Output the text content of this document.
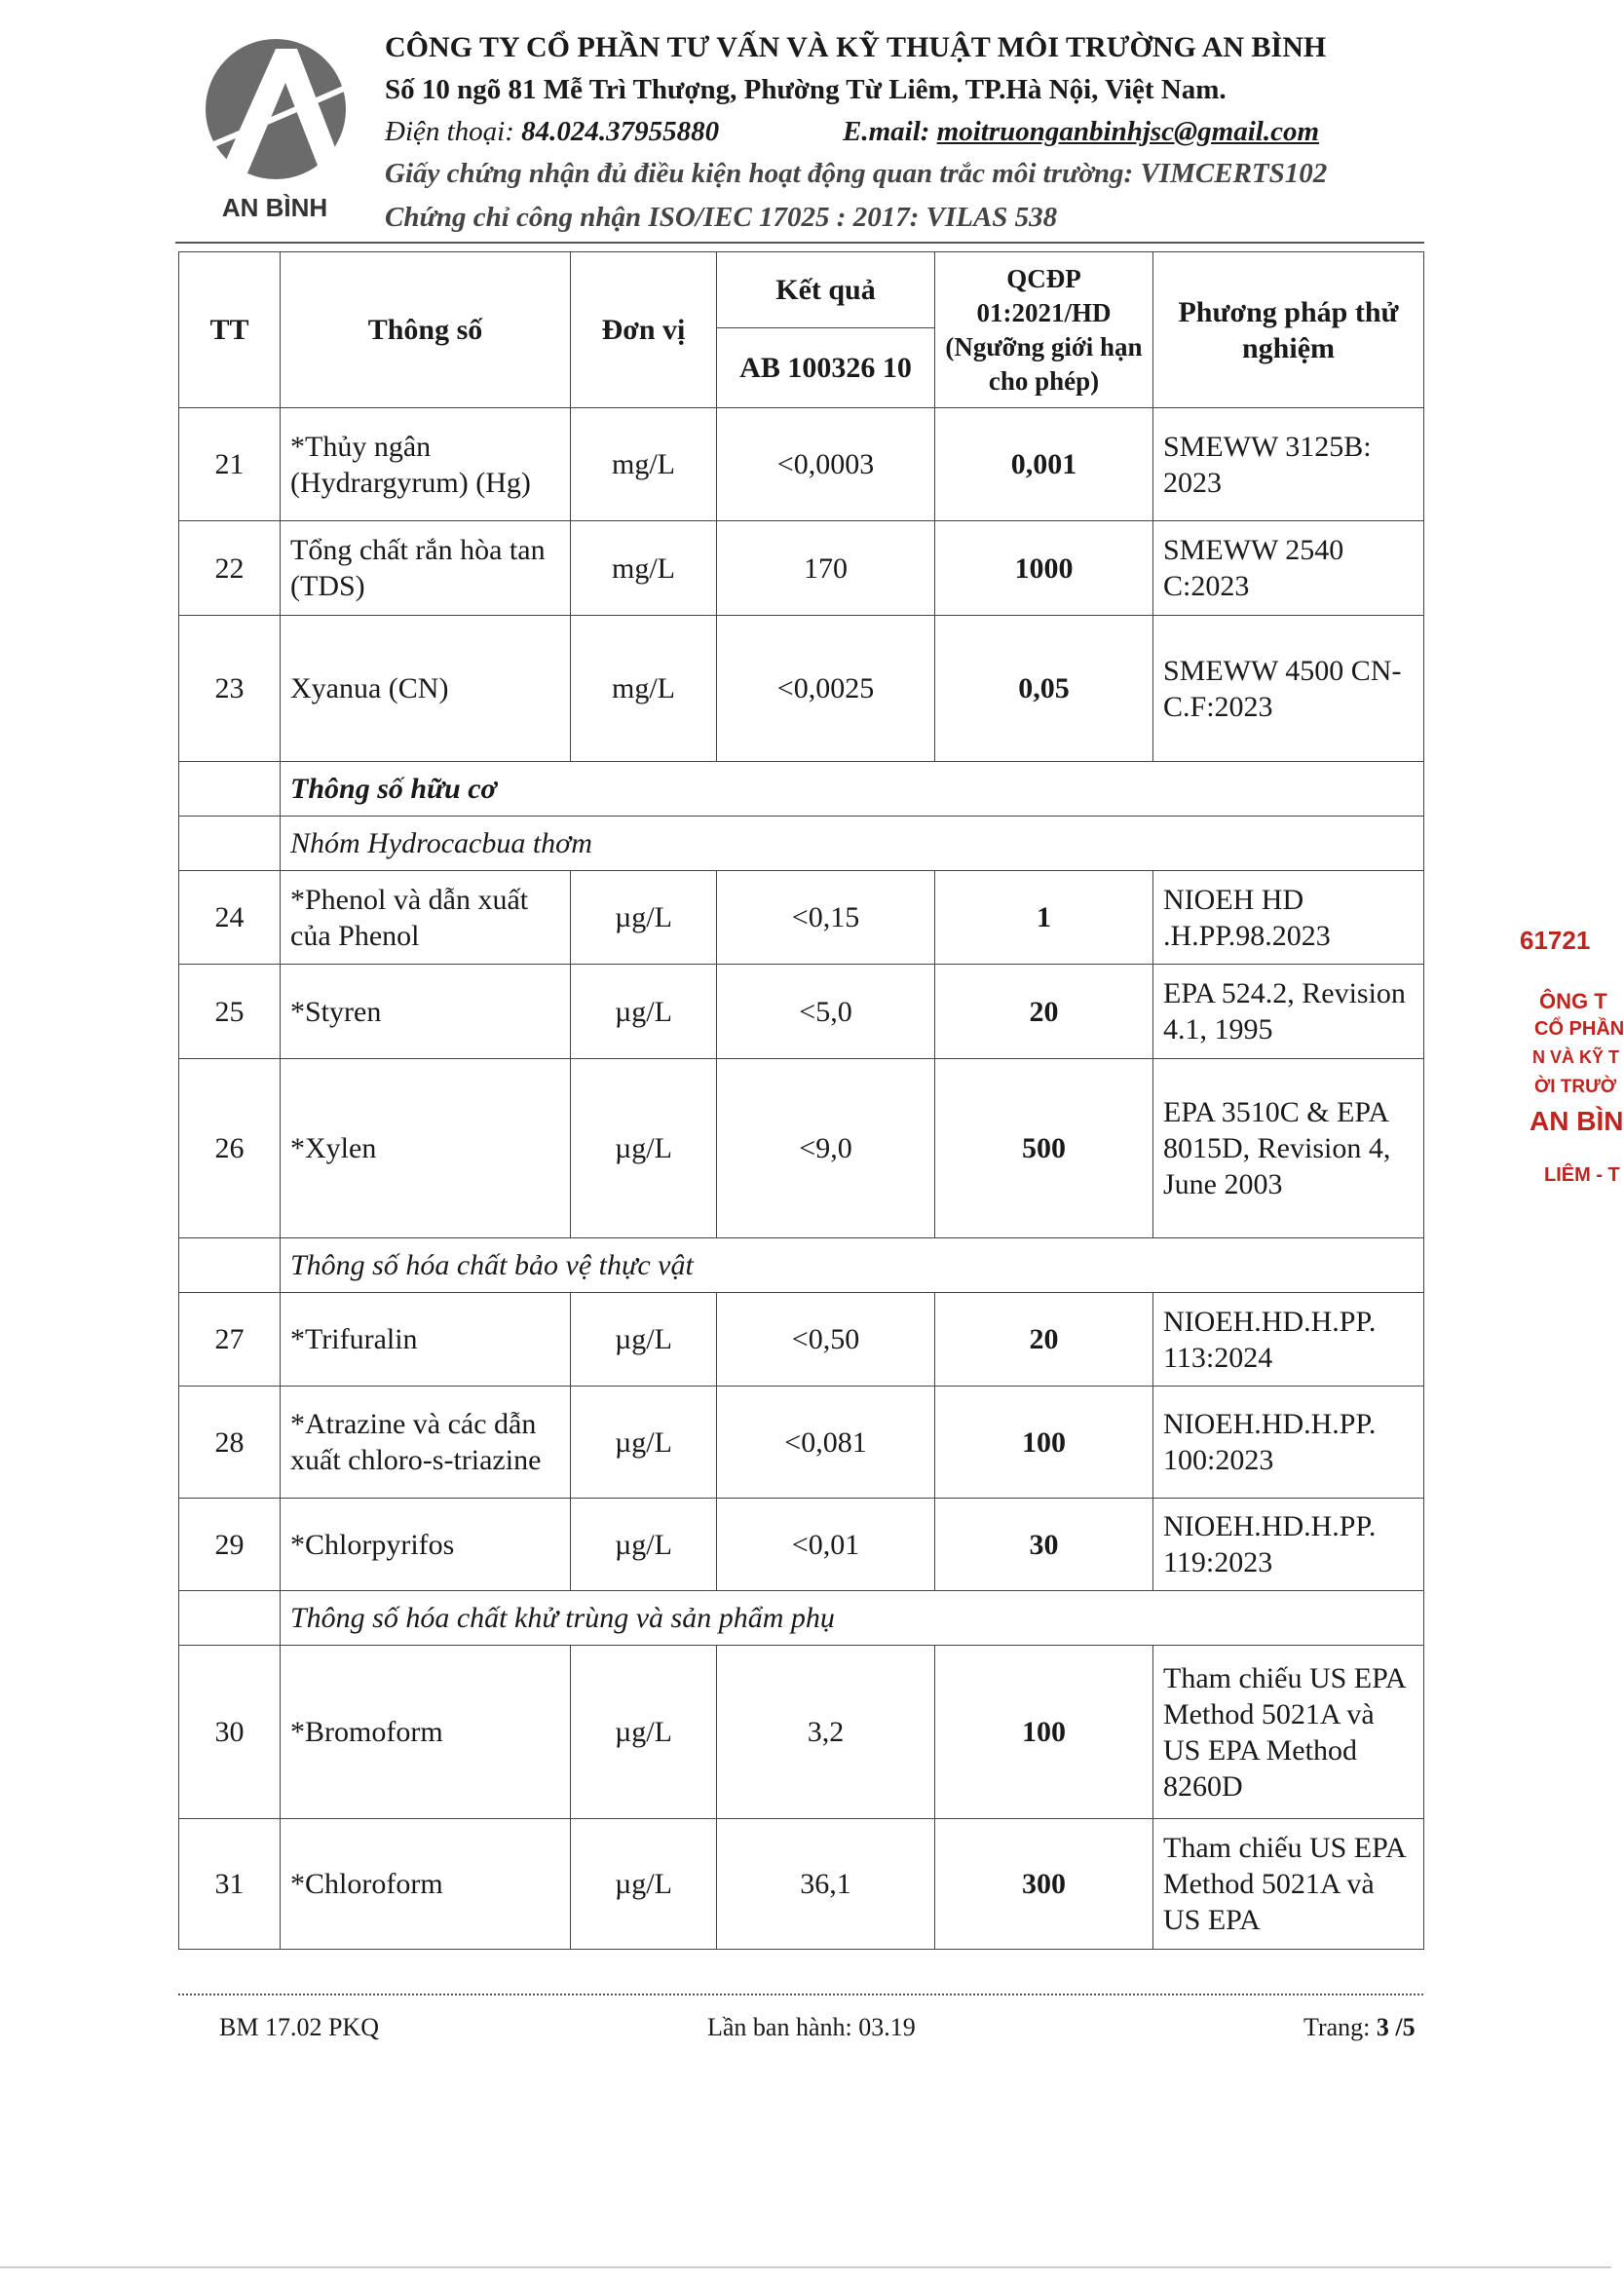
AN BÌNH
CÔNG TY CỔ PHẦN TƯ VẤN VÀ KỸ THUẬT MÔI TRƯỜNG AN BÌNH
Số 10 ngõ 81 Mễ Trì Thượng, Phường Từ Liêm, TP.Hà Nội, Việt Nam.
Điện thoại: 84.024.37955880	E.mail: moitruonganbinhjsc@gmail.com
Giấy chứng nhận đủ điều kiện hoạt động quan trắc môi trường: VIMCERTS102
Chứng chỉ công nhận ISO/IEC 17025 : 2017: VILAS 538
TT	Thông số	Đơn vị	Kết quả	QCĐP 01:2021/HD (Ngưỡng giới hạn cho phép)	Phương pháp thử nghiệm
			AB 100326 10		
21	*Thủy ngân (Hydrargyrum) (Hg)	mg/L	<0,0003	0,001	SMEWW 3125B: 2023
22	Tổng chất rắn hòa tan (TDS)	mg/L	170	1000	SMEWW 2540 C:2023
23	Xyanua (CN)	mg/L	<0,0025	0,05	SMEWW 4500 CN- C.F:2023
	Thông số hữu cơ				
	Nhóm Hydrocacbua thơm				
24	*Phenol và dẫn xuất của Phenol	µg/L	<0,15	1	NIOEH HD .H.PP.98.2023
25	*Styren	µg/L	<5,0	20	EPA 524.2, Revision 4.1, 1995
26	*Xylen	µg/L	<9,0	500	EPA 3510C & EPA 8015D, Revision 4, June 2003
	Thông số hóa chất bảo vệ thực vật				
27	*Trifuralin	µg/L	<0,50	20	NIOEH.HD.H.PP. 113:2024
28	*Atrazine và các dẫn xuất chloro-s-triazine	µg/L	<0,081	100	NIOEH.HD.H.PP. 100:2023
29	*Chlorpyrifos	µg/L	<0,01	30	NIOEH.HD.H.PP. 119:2023
	Thông số hóa chất khử trùng và sản phẩm phụ				
30	*Bromoform	µg/L	3,2	100	Tham chiếu US EPA Method 5021A và US EPA Method 8260D
31	*Chloroform	µg/L	36,1	300	Tham chiếu US EPA Method 5021A và US EPA
61721
ÔNG T
CỔ PHẦN
N VÀ KỸ T
ỜI TRƯỜ
AN BÌN
LIÊM - T
BM 17.02 PKQ	Lần ban hành: 03.19	Trang: 3 /5
